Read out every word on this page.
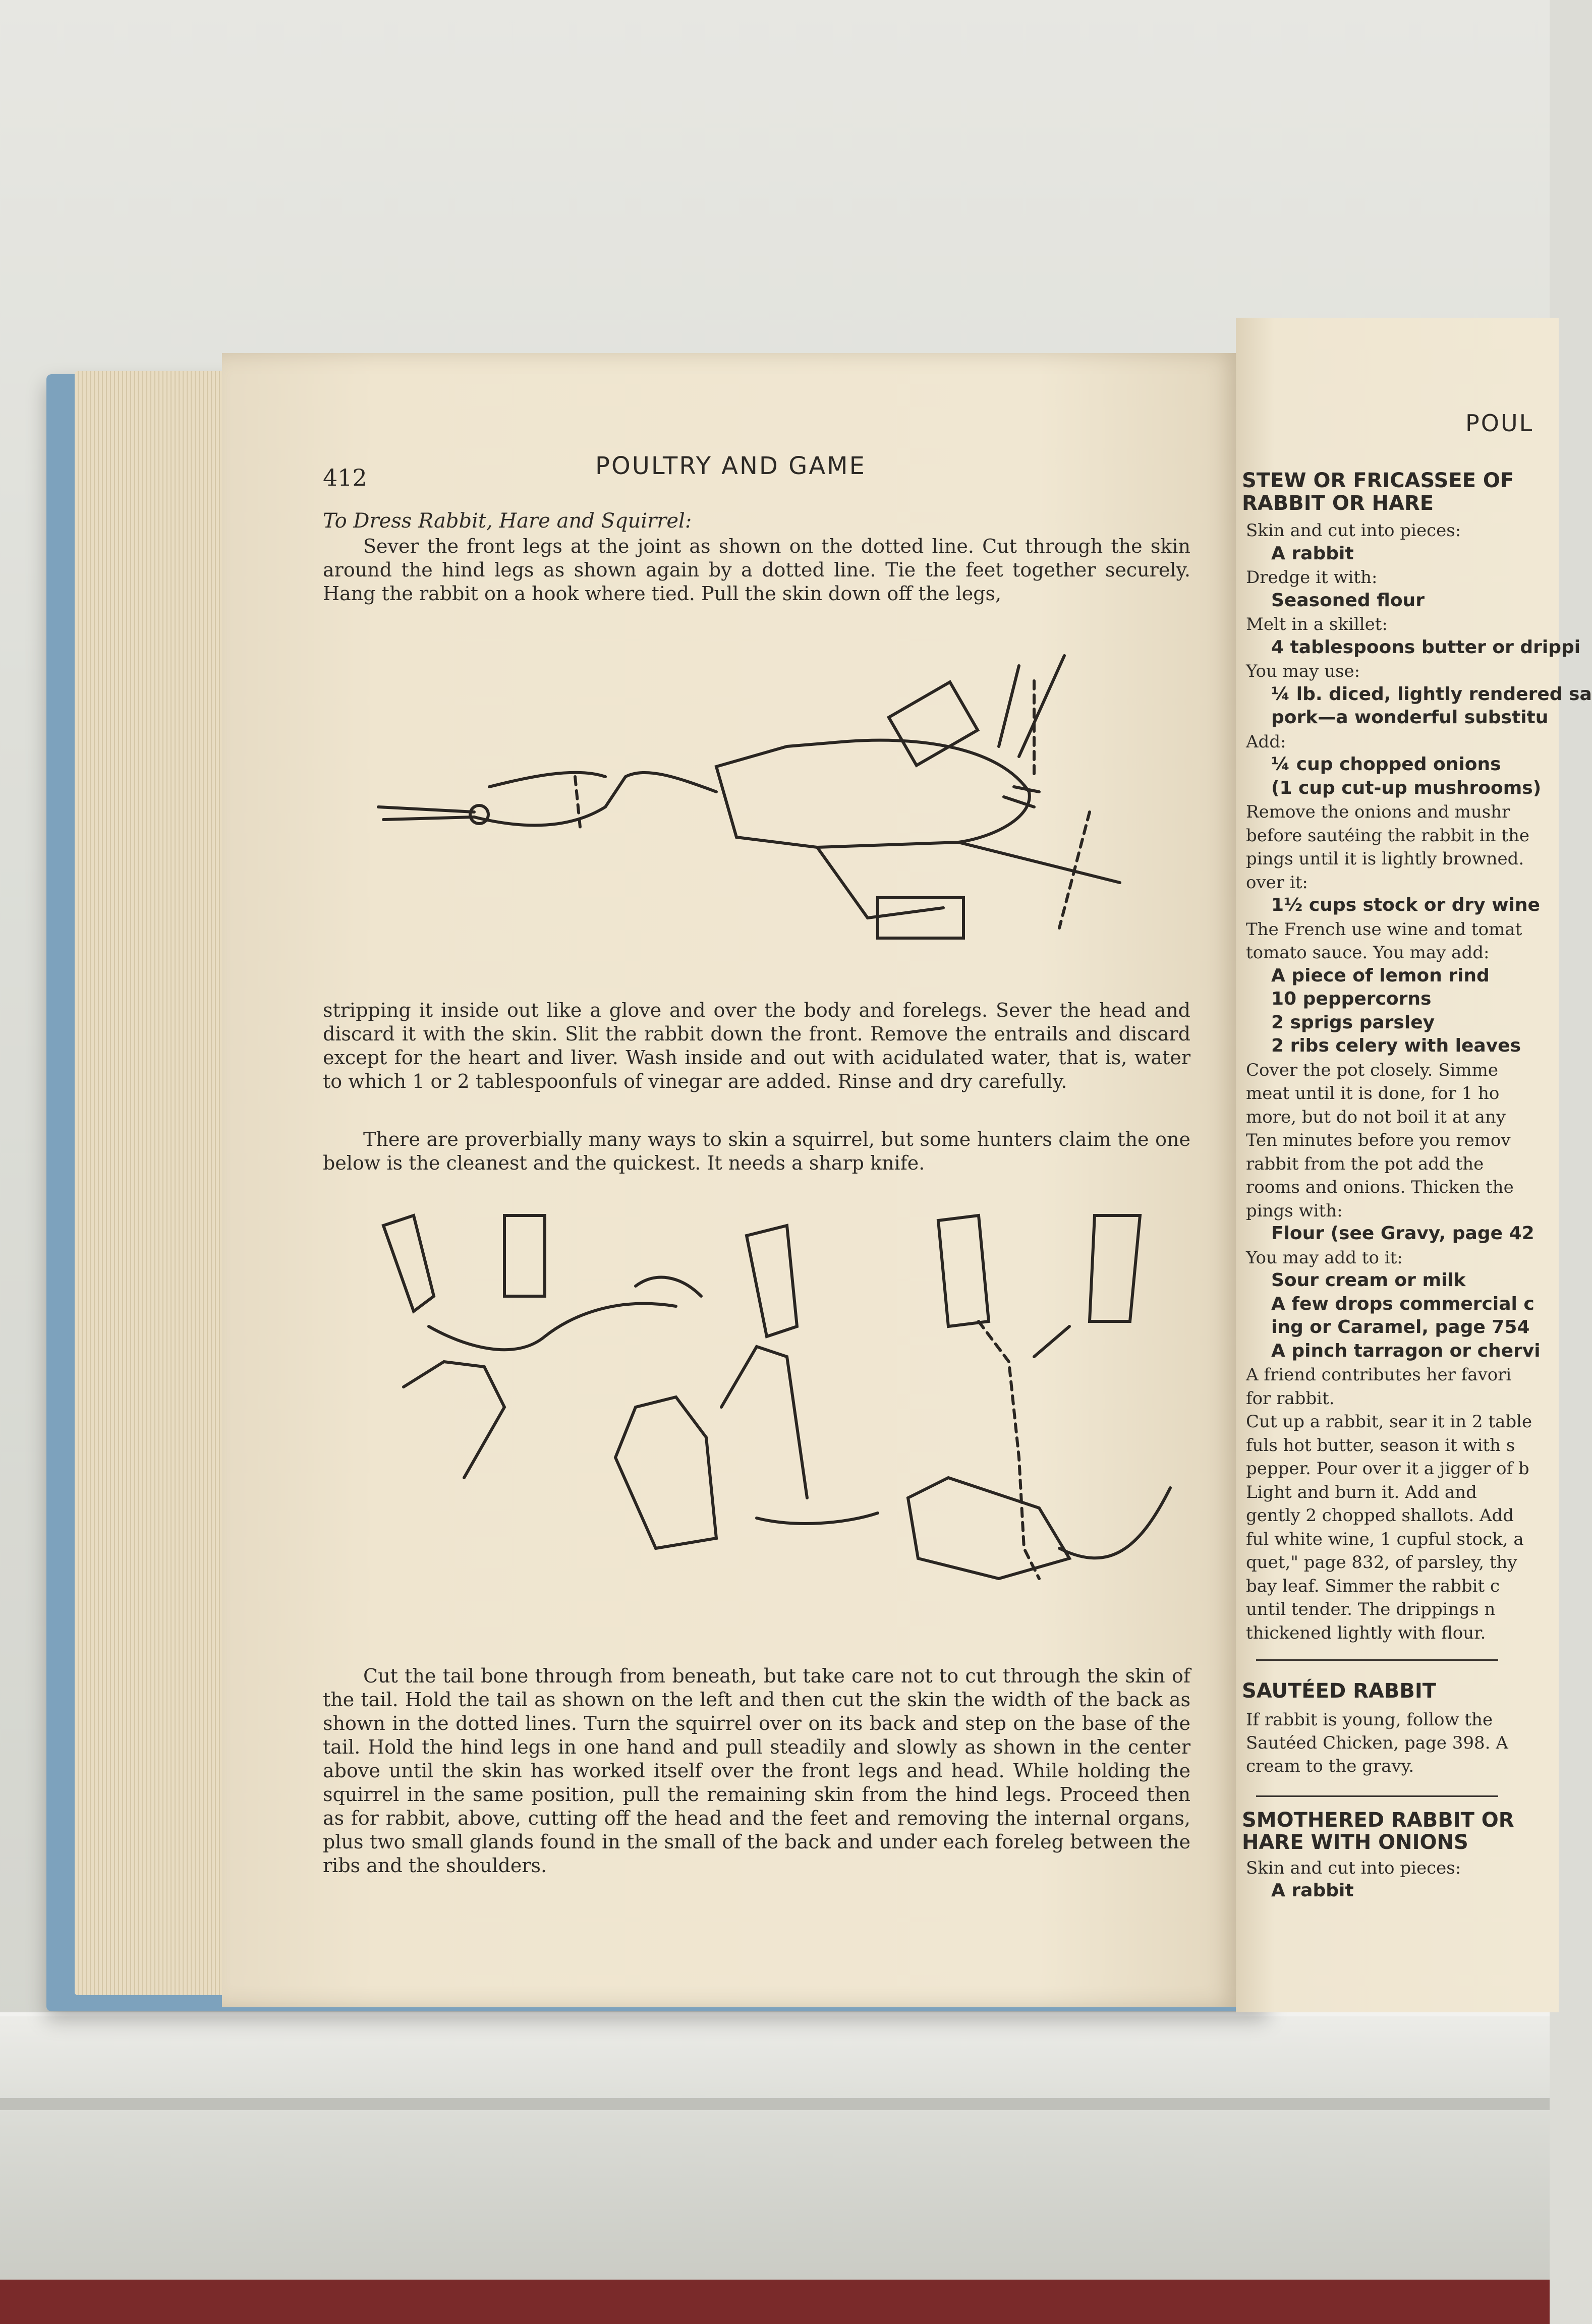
412	POULTRY AND GAME
To Dress Rabbit, Hare and Squirrel:
Sever the front legs at the joint as shown on the dotted line. Cut through the skin around the hind legs as shown again by a dotted line. Tie the feet together securely. Hang the rabbit on a hook where tied. Pull the skin down off the legs,
stripping it inside out like a glove and over the body and forelegs. Sever the head and discard it with the skin. Slit the rabbit down the front. Remove the entrails and discard except for the heart and liver. Wash inside and out with acidulated water, that is, water to which 1 or 2 tablespoonfuls of vinegar are added. Rinse and dry carefully.
There are proverbially many ways to skin a squirrel, but some hunters claim the one below is the cleanest and the quickest. It needs a sharp knife.
Cut the tail bone through from beneath, but take care not to cut through the skin of the tail. Hold the tail as shown on the left and then cut the skin the width of the back as shown in the dotted lines. Turn the squirrel over on its back and step on the base of the tail. Hold the hind legs in one hand and pull steadily and slowly as shown in the center above until the skin has worked itself over the front legs and head. While holding the squirrel in the same position, pull the remaining skin from the hind legs. Proceed then as for rabbit, above, cutting off the head and the feet and removing the internal organs, plus two small glands found in the small of the back and under each foreleg between the ribs and the shoulders.
POUL
STEW OR FRICASSEE OF
RABBIT OR HARE
Skin and cut into pieces:
A rabbit
Dredge it with:
Seasoned flour
Melt in a skillet:
4 tablespoons butter or drippi
You may use:
¼ lb. diced, lightly rendered sa
pork—a wonderful substitu
Add:
¼ cup chopped onions
(1 cup cut-up mushrooms)
Remove the onions and mushr
before sautéing the rabbit in the
pings until it is lightly browned.
over it:
1½ cups stock or dry wine
The French use wine and tomat
tomato sauce. You may add:
A piece of lemon rind
10 peppercorns
2 sprigs parsley
2 ribs celery with leaves
Cover the pot closely. Simme
meat until it is done, for 1 ho
more, but do not boil it at any
Ten minutes before you remov
rabbit from the pot add the
rooms and onions. Thicken the
pings with:
Flour (see Gravy, page 42
You may add to it:
Sour cream or milk
A few drops commercial c
ing or Caramel, page 754
A pinch tarragon or chervi
A friend contributes her favori
for rabbit.
Cut up a rabbit, sear it in 2 table
fuls hot butter, season it with s
pepper. Pour over it a jigger of b
Light and burn it. Add and
gently 2 chopped shallots. Add
ful white wine, 1 cupful stock, a
quet," page 832, of parsley, thy
bay leaf. Simmer the rabbit c
until tender. The drippings n
thickened lightly with flour.
SAUTÉED RABBIT
If rabbit is young, follow the
Sautéed Chicken, page 398. A
cream to the gravy.
SMOTHERED RABBIT OR
HARE WITH ONIONS
Skin and cut into pieces:
A rabbit
